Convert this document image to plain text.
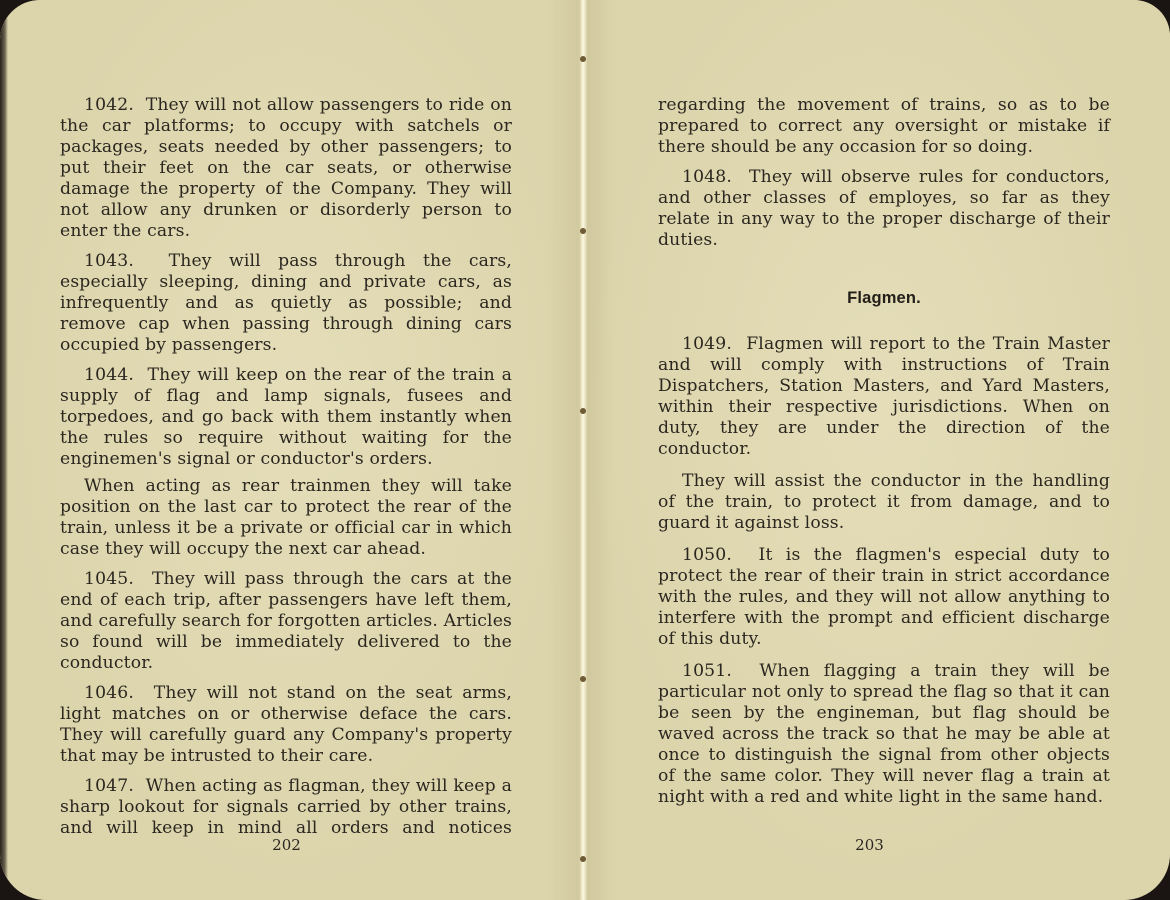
1042. They will not allow passengers to ride on the car platforms; to occupy with satchels or packages, seats needed by other passengers; to put their feet on the car seats, or otherwise damage the property of the Company. They will not allow any drunken or disorderly person to enter the cars.

1043. They will pass through the cars, especially sleeping, dining and private cars, as infrequently and as quietly as possible; and remove cap when passing through dining cars occupied by passengers.

1044. They will keep on the rear of the train a supply of flag and lamp signals, fusees and torpedoes, and go back with them instantly when the rules so require without waiting for the enginemen's signal or conductor's orders.

When acting as rear trainmen they will take position on the last car to protect the rear of the train, unless it be a private or official car in which case they will occupy the next car ahead.

1045. They will pass through the cars at the end of each trip, after passengers have left them, and carefully search for forgotten articles. Articles so found will be immediately delivered to the conductor.

1046. They will not stand on the seat arms, light matches on or otherwise deface the cars. They will carefully guard any Company's property that may be intrusted to their care.

1047. When acting as flagman, they will keep a sharp lookout for signals carried by other trains, and will keep in mind all orders and notices

202

regarding the movement of trains, so as to be prepared to correct any oversight or mistake if there should be any occasion for so doing.

1048. They will observe rules for conductors, and other classes of employes, so far as they relate in any way to the proper discharge of their duties.

Flagmen.

1049. Flagmen will report to the Train Master and will comply with instructions of Train Dispatchers, Station Masters, and Yard Masters, within their respective jurisdictions. When on duty, they are under the direction of the conductor.

They will assist the conductor in the handling of the train, to protect it from damage, and to guard it against loss.

1050. It is the flagmen's especial duty to protect the rear of their train in strict accordance with the rules, and they will not allow anything to interfere with the prompt and efficient discharge of this duty.

1051. When flagging a train they will be particular not only to spread the flag so that it can be seen by the engineman, but flag should be waved across the track so that he may be able at once to distinguish the signal from other objects of the same color. They will never flag a train at night with a red and white light in the same hand.

203
